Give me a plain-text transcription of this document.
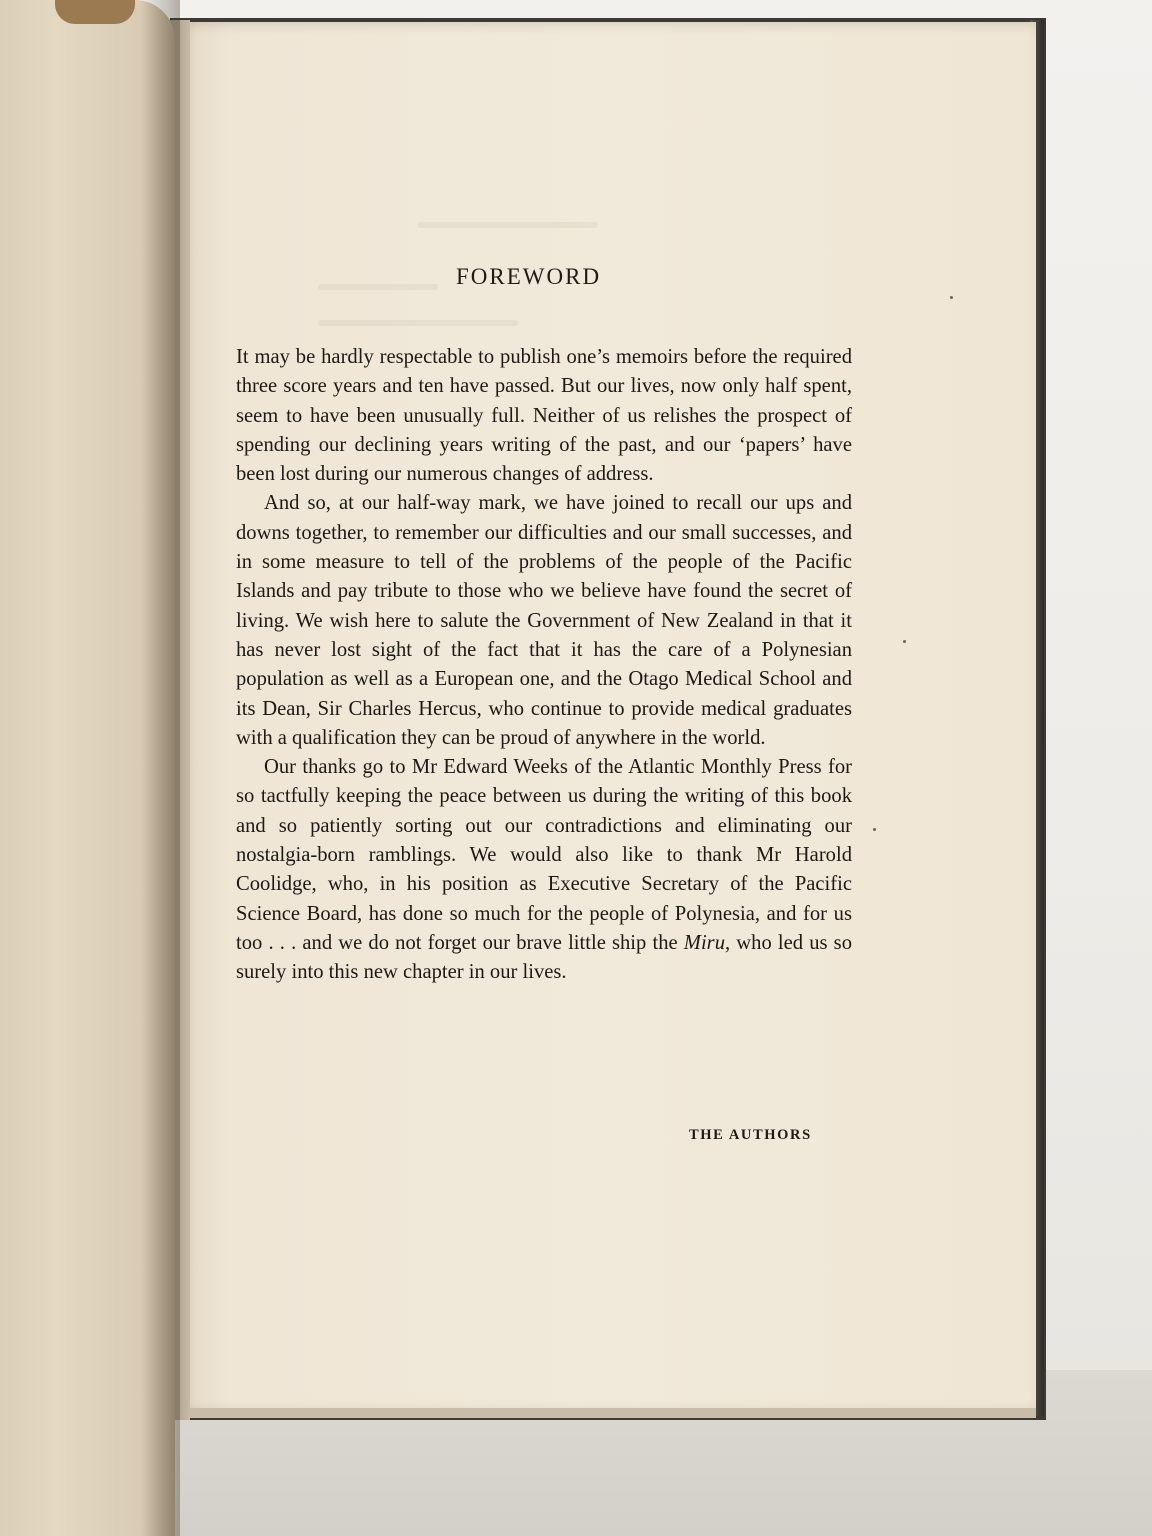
FOREWORD

It may be hardly respectable to publish one’s memoirs before the required three score years and ten have passed. But our lives, now only half spent, seem to have been unusually full. Neither of us relishes the prospect of spending our declining years writing of the past, and our ‘papers’ have been lost during our numerous changes of address.

And so, at our half-way mark, we have joined to recall our ups and downs together, to remember our difficulties and our small successes, and in some measure to tell of the problems of the people of the Pacific Islands and pay tribute to those who we believe have found the secret of living. We wish here to salute the Government of New Zealand in that it has never lost sight of the fact that it has the care of a Polynesian population as well as a European one, and the Otago Medical School and its Dean, Sir Charles Hercus, who continue to provide medical graduates with a qualification they can be proud of anywhere in the world.

Our thanks go to Mr Edward Weeks of the Atlantic Monthly Press for so tactfully keeping the peace between us during the writing of this book and so patiently sorting out our contradictions and eliminating our nostalgia-born ramblings. We would also like to thank Mr Harold Coolidge, who, in his position as Executive Secretary of the Pacific Science Board, has done so much for the people of Polynesia, and for us too . . . and we do not forget our brave little ship the Miru, who led us so surely into this new chapter in our lives.

THE AUTHORS
